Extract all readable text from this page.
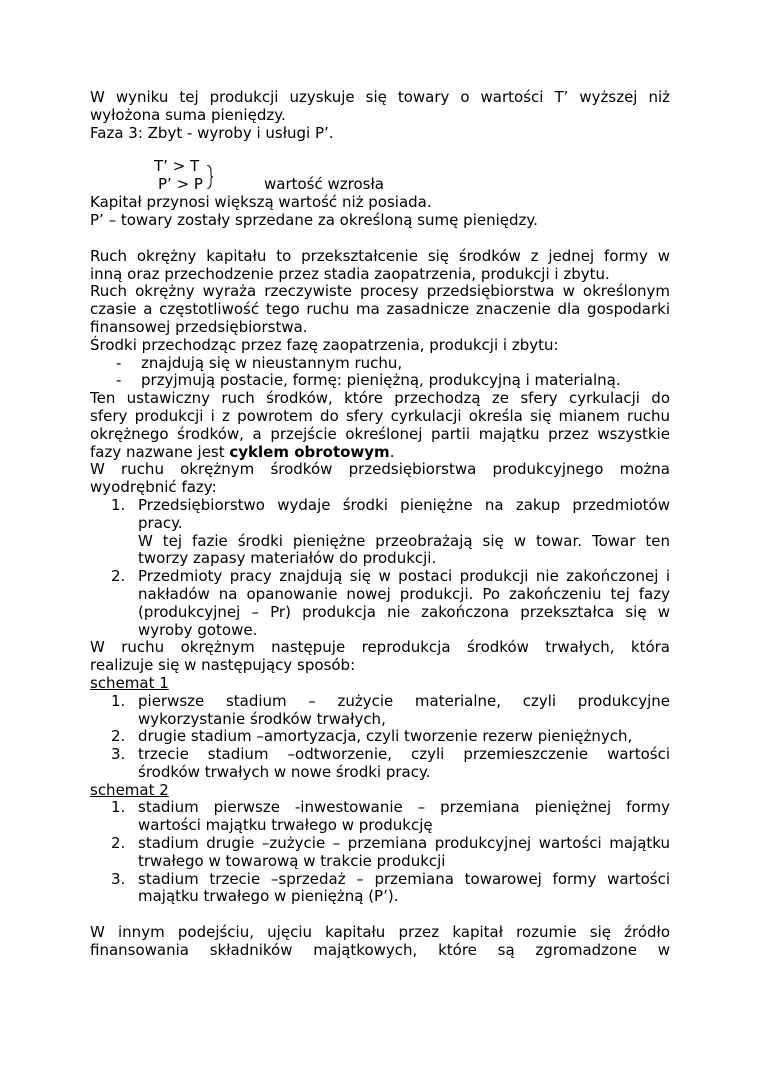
W wyniku tej produkcji uzyskuje się towary o wartości T’ wyższej niż

wyłożona suma pieniędzy.

Faza 3: Zbyt - wyroby i usługi P’.

T’ > T
P’ > P	wartość wzrosła

Kapitał przynosi większą wartość niż posiada.

P’ – towary zostały sprzedane za określoną sumę pieniędzy.

Ruch okrężny kapitału to przekształcenie się środków z jednej formy w

inną oraz przechodzenie przez stadia zaopatrzenia, produkcji i zbytu.

Ruch okrężny wyraża rzeczywiste procesy przedsiębiorstwa w określonym

czasie a częstotliwość tego ruchu ma zasadnicze znaczenie dla gospodarki

finansowej przedsiębiorstwa.

Środki przechodząc przez fazę zaopatrzenia, produkcji i zbytu:

- znajdują się w nieustannym ruchu,
- przyjmują postacie, formę: pieniężną, produkcyjną i materialną.

Ten ustawiczny ruch środków, które przechodzą ze sfery cyrkulacji do

sfery produkcji i z powrotem do sfery cyrkulacji określa się mianem ruchu

okrężnego środków, a przejście określonej partii majątku przez wszystkie

fazy nazwane jest cyklem obrotowym.

W ruchu okrężnym środków przedsiębiorstwa produkcyjnego można

wyodrębnić fazy:

1. Przedsiębiorstwo wydaje środki pieniężne na zakup przedmiotów

pracy.

W tej fazie środki pieniężne przeobrażają się w towar. Towar ten

tworzy zapasy materiałów do produkcji.

2. Przedmioty pracy znajdują się w postaci produkcji nie zakończonej i

nakładów na opanowanie nowej produkcji. Po zakończeniu tej fazy

(produkcyjnej – Pr) produkcja nie zakończona przekształca się w

wyroby gotowe.

W ruchu okrężnym następuje reprodukcja środków trwałych, która

realizuje się w następujący sposób:

schemat 1

1. pierwsze stadium – zużycie materialne, czyli produkcyjne

wykorzystanie środków trwałych,

2. drugie stadium –amortyzacja, czyli tworzenie rezerw pieniężnych,

3. trzecie stadium –odtworzenie, czyli przemieszczenie wartości

środków trwałych w nowe środki pracy.

schemat 2

1. stadium pierwsze -inwestowanie – przemiana pieniężnej formy

wartości majątku trwałego w produkcję

2. stadium drugie –zużycie – przemiana produkcyjnej wartości majątku

trwałego w towarową w trakcie produkcji

3. stadium trzecie –sprzedaż – przemiana towarowej formy wartości

majątku trwałego w pieniężną (P’).

W innym podejściu, ujęciu kapitału przez kapitał rozumie się źródło

finansowania składników majątkowych, które są zgromadzone w
